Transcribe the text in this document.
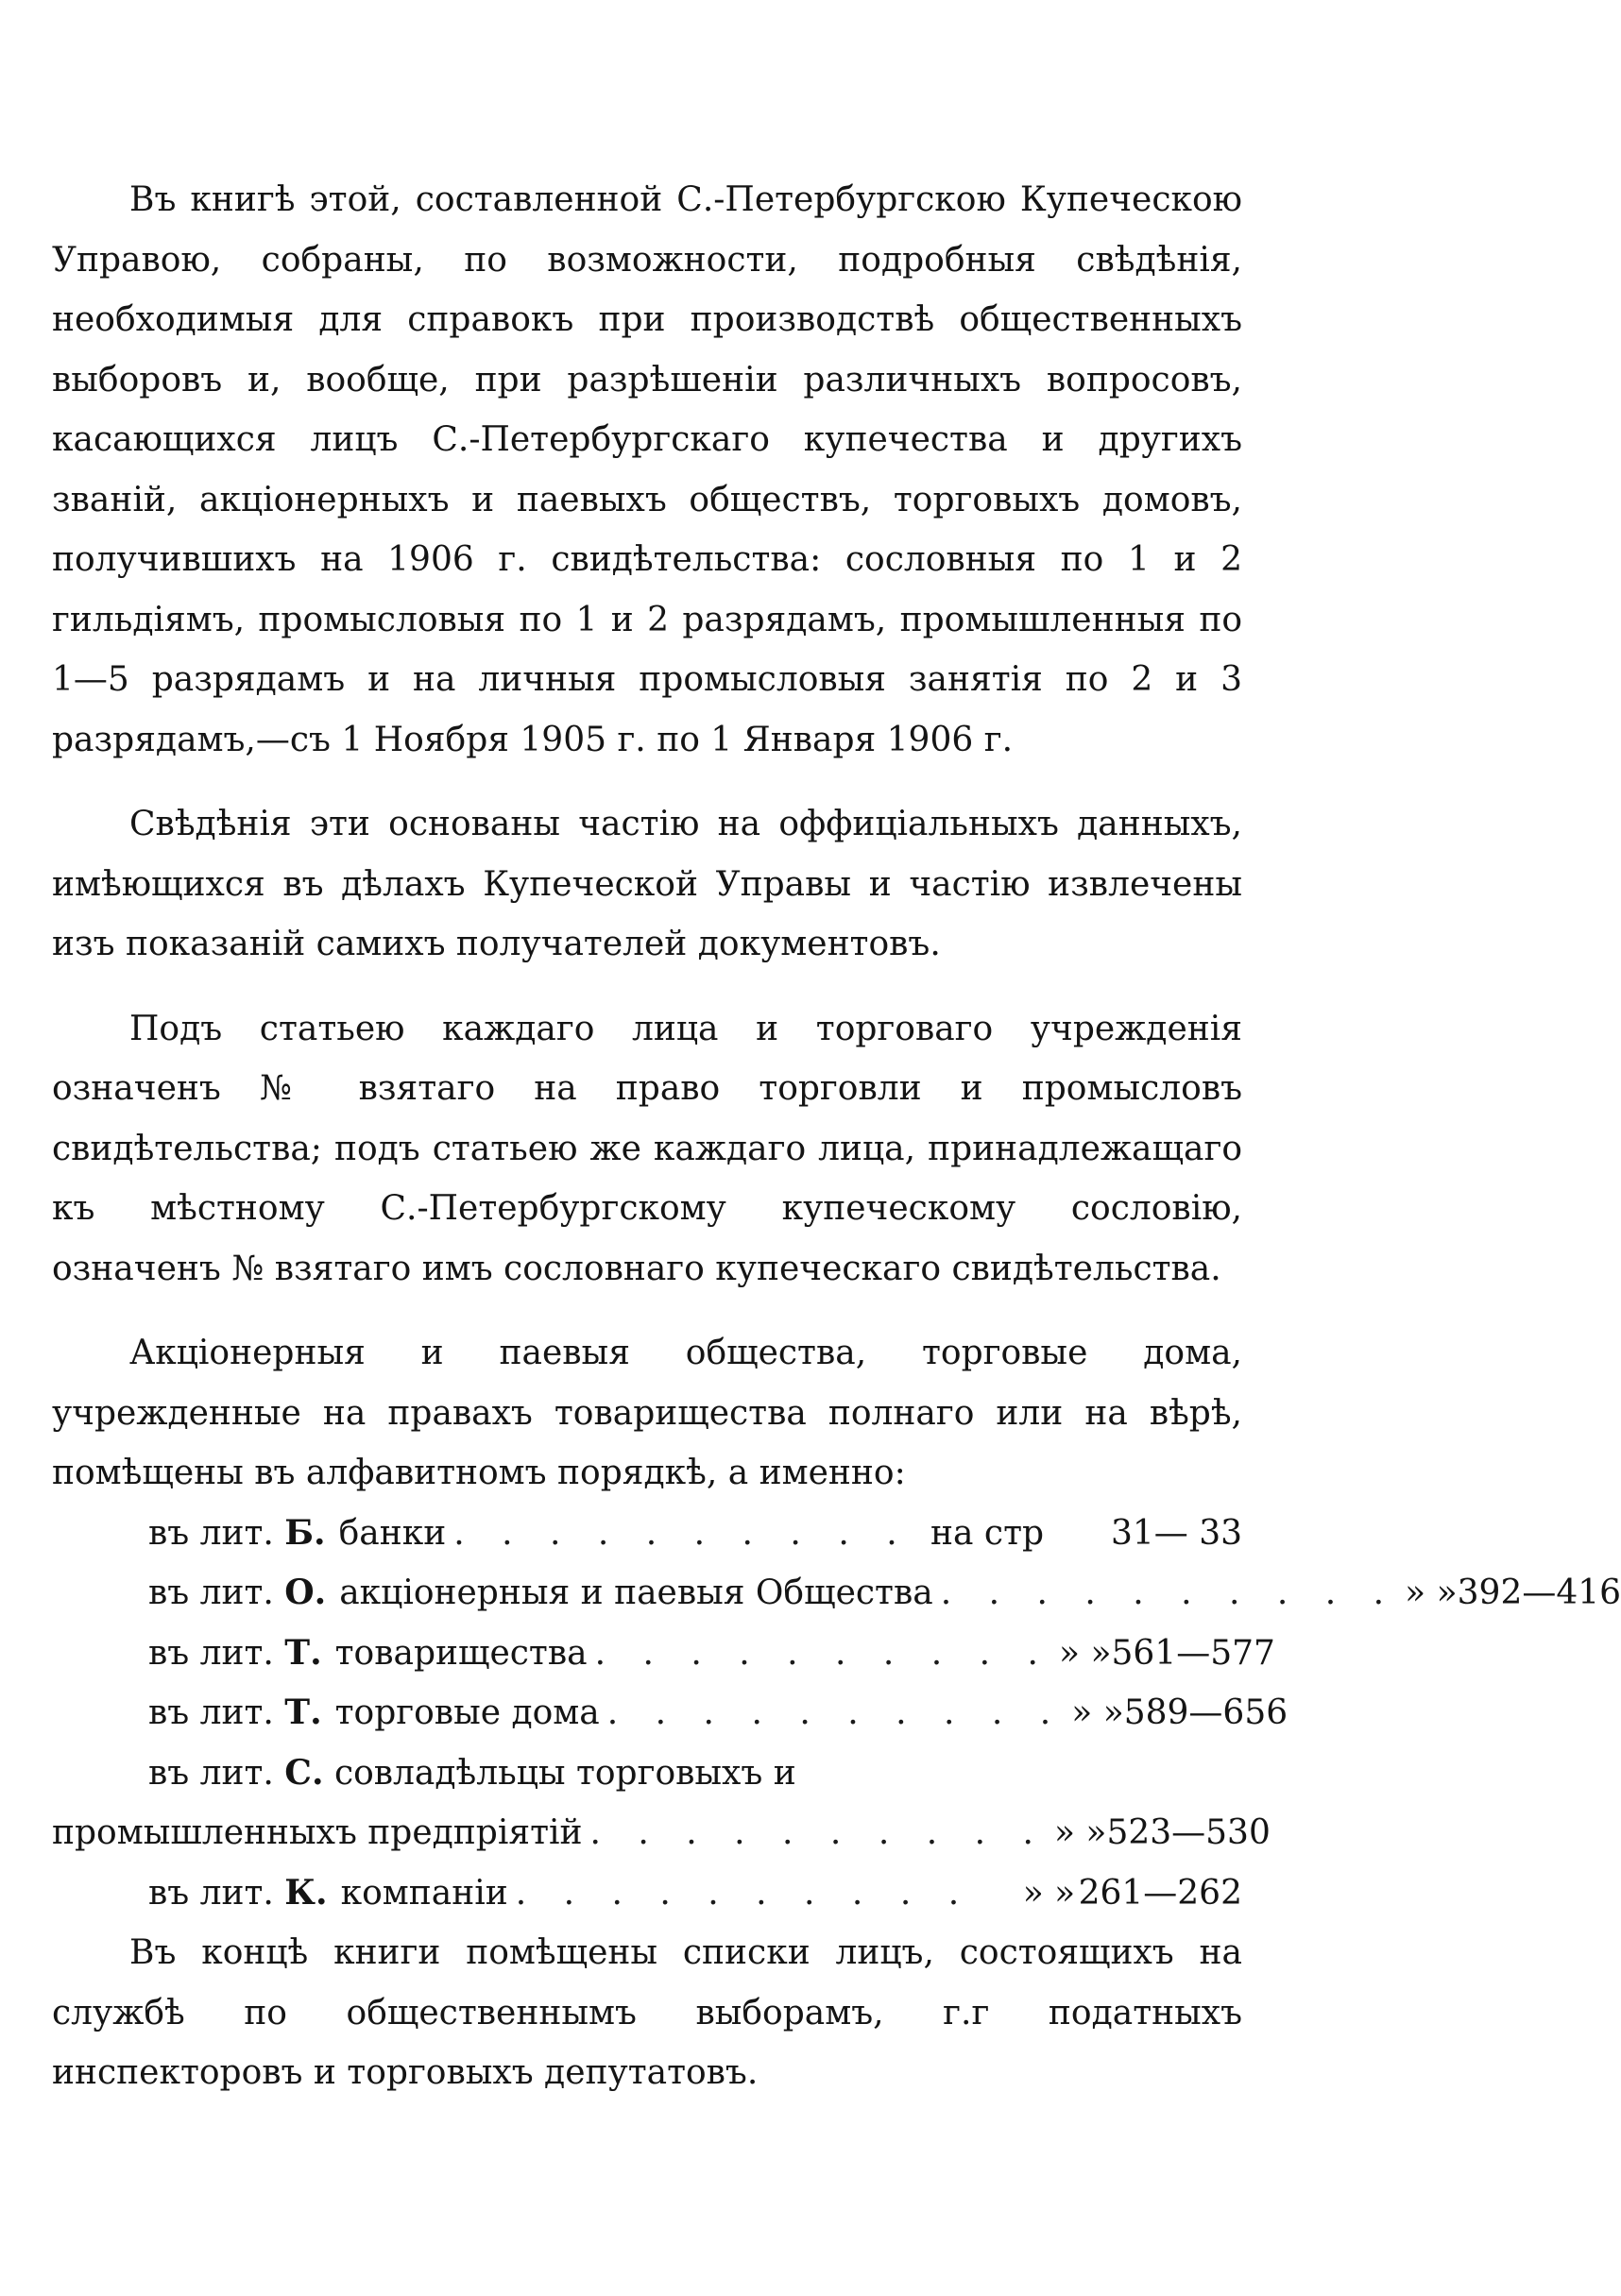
Въ книгѣ этой, составленной С.-Петербургскою Купеческою Управою, собраны, по возможности, подробныя свѣдѣнія, необходимыя для справокъ при производствѣ общественныхъ выборовъ и, вообще, при разрѣшеніи различныхъ вопросовъ, касающихся лицъ С.-Петербургскаго купечества и другихъ званій, акціонерныхъ и паевыхъ обществъ, торговыхъ домовъ, получившихъ на 1906 г. свидѣтельства: сословныя по 1 и 2 гильдіямъ, промысловыя по 1 и 2 разрядамъ, промышленныя по 1—5 разрядамъ и на личныя промысловыя занятія по 2 и 3 разрядамъ,—съ 1 Ноября 1905 г. по 1 Января 1906 г.

Свѣдѣнія эти основаны частію на оффиціальныхъ данныхъ, имѣющихся въ дѣлахъ Купеческой Управы и частію извлечены изъ показаній самихъ получателей документовъ.

Подъ статьею каждаго лица и торговаго учрежденія означенъ № взятаго на право торговли и промысловъ свидѣтельства; подъ статьею же каждаго лица, принадлежащаго къ мѣстному С.-Петербургскому купеческому сословію, означенъ № взятаго имъ сословнаго купеческаго свидѣтельства.

Акціонерныя и паевыя общества, торговые дома, учрежденные на правахъ товарищества полнаго или на вѣрѣ, помѣщены въ алфавитномъ порядкѣ, а именно:

въ лит. Б. банки . . . . . . . . . . на стр	31— 33
въ лит. О. акціонерныя и паевыя Общества . . . . . . . . . . » » 392—416
въ лит. Т. товарищества . . . . . . . . . . » » 561—577
въ лит. Т. торговые дома . . . . . . . . . . » » 589—656
въ лит. С. совладѣльцы торговыхъ и
промышленныхъ предпріятій . . . . . . . . . . » » 523—530
въ лит. К. компаніи . . . . . . . . . .	» » 261—262

Въ концѣ книги помѣщены списки лицъ, состоящихъ на службѣ по общественнымъ выборамъ, г.г податныхъ инспекторовъ и торговыхъ депутатовъ.
